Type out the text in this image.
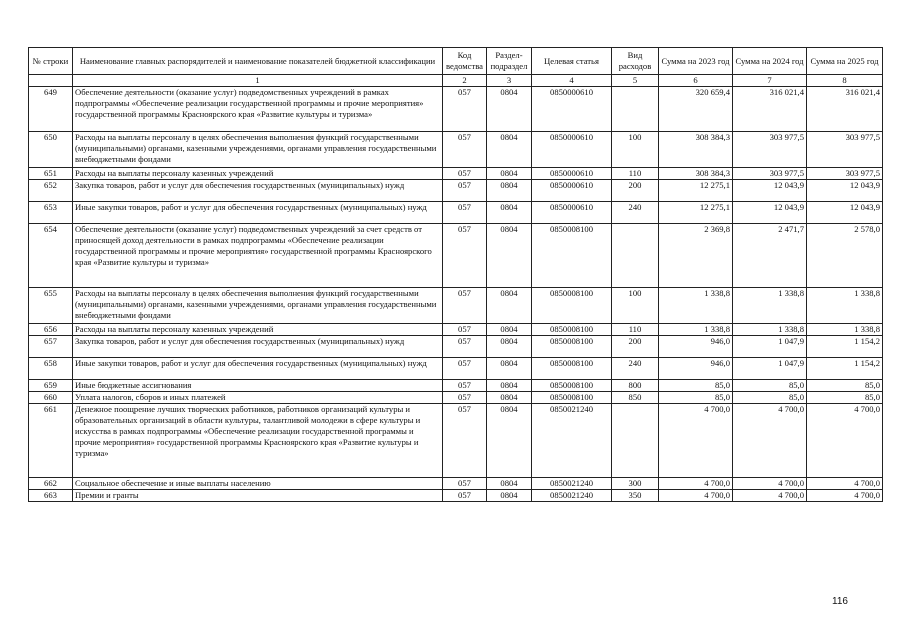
№ строки	Наименование главных распорядителей и наименование показателей бюджетной классификации	Код ведомства	Раздел-подраздел	Целевая статья	Вид расходов	Сумма на 2023 год	Сумма на 2024 год	Сумма на 2025 год
	1	2	3	4	5	6	7	8
649	Обеспечение деятельности (оказание услуг) подведомственных учреждений в рамках подпрограммы «Обеспечение реализации государственной программы и прочие мероприятия» государственной программы Красноярского края «Развитие культуры и туризма»	057	0804	0850000610		320 659,4	316 021,4	316 021,4
650	Расходы на выплаты персоналу в целях обеспечения выполнения функций государственными (муниципальными) органами, казенными учреждениями, органами управления государственными внебюджетными фондами	057	0804	0850000610	100	308 384,3	303 977,5	303 977,5
651	Расходы на выплаты персоналу казенных учреждений	057	0804	0850000610	110	308 384,3	303 977,5	303 977,5
652	Закупка товаров, работ и услуг для обеспечения государственных (муниципальных) нужд	057	0804	0850000610	200	12 275,1	12 043,9	12 043,9
653	Иные закупки товаров, работ и услуг для обеспечения государственных (муниципальных) нужд	057	0804	0850000610	240	12 275,1	12 043,9	12 043,9
654	Обеспечение деятельности (оказание услуг) подведомственных учреждений за счет средств от приносящей доход деятельности в рамках подпрограммы «Обеспечение реализации государственной программы и прочие мероприятия» государственной программы Красноярского края «Развитие культуры и туризма»	057	0804	0850008100		2 369,8	2 471,7	2 578,0
655	Расходы на выплаты персоналу в целях обеспечения выполнения функций государственными (муниципальными) органами, казенными учреждениями, органами управления государственными внебюджетными фондами	057	0804	0850008100	100	1 338,8	1 338,8	1 338,8
656	Расходы на выплаты персоналу казенных учреждений	057	0804	0850008100	110	1 338,8	1 338,8	1 338,8
657	Закупка товаров, работ и услуг для обеспечения государственных (муниципальных) нужд	057	0804	0850008100	200	946,0	1 047,9	1 154,2
658	Иные закупки товаров, работ и услуг для обеспечения государственных (муниципальных) нужд	057	0804	0850008100	240	946,0	1 047,9	1 154,2
659	Иные бюджетные ассигнования	057	0804	0850008100	800	85,0	85,0	85,0
660	Уплата налогов, сборов и иных платежей	057	0804	0850008100	850	85,0	85,0	85,0
661	Денежное поощрение лучших творческих работников, работников организаций культуры и образовательных организаций в области культуры, талантливой молодежи в сфере культуры и искусства в рамках подпрограммы «Обеспечение реализации государственной программы и прочие мероприятия» государственной программы Красноярского края «Развитие культуры и туризма»	057	0804	0850021240		4 700,0	4 700,0	4 700,0
662	Социальное обеспечение и иные выплаты населению	057	0804	0850021240	300	4 700,0	4 700,0	4 700,0
663	Премии и гранты	057	0804	0850021240	350	4 700,0	4 700,0	4 700,0
116
